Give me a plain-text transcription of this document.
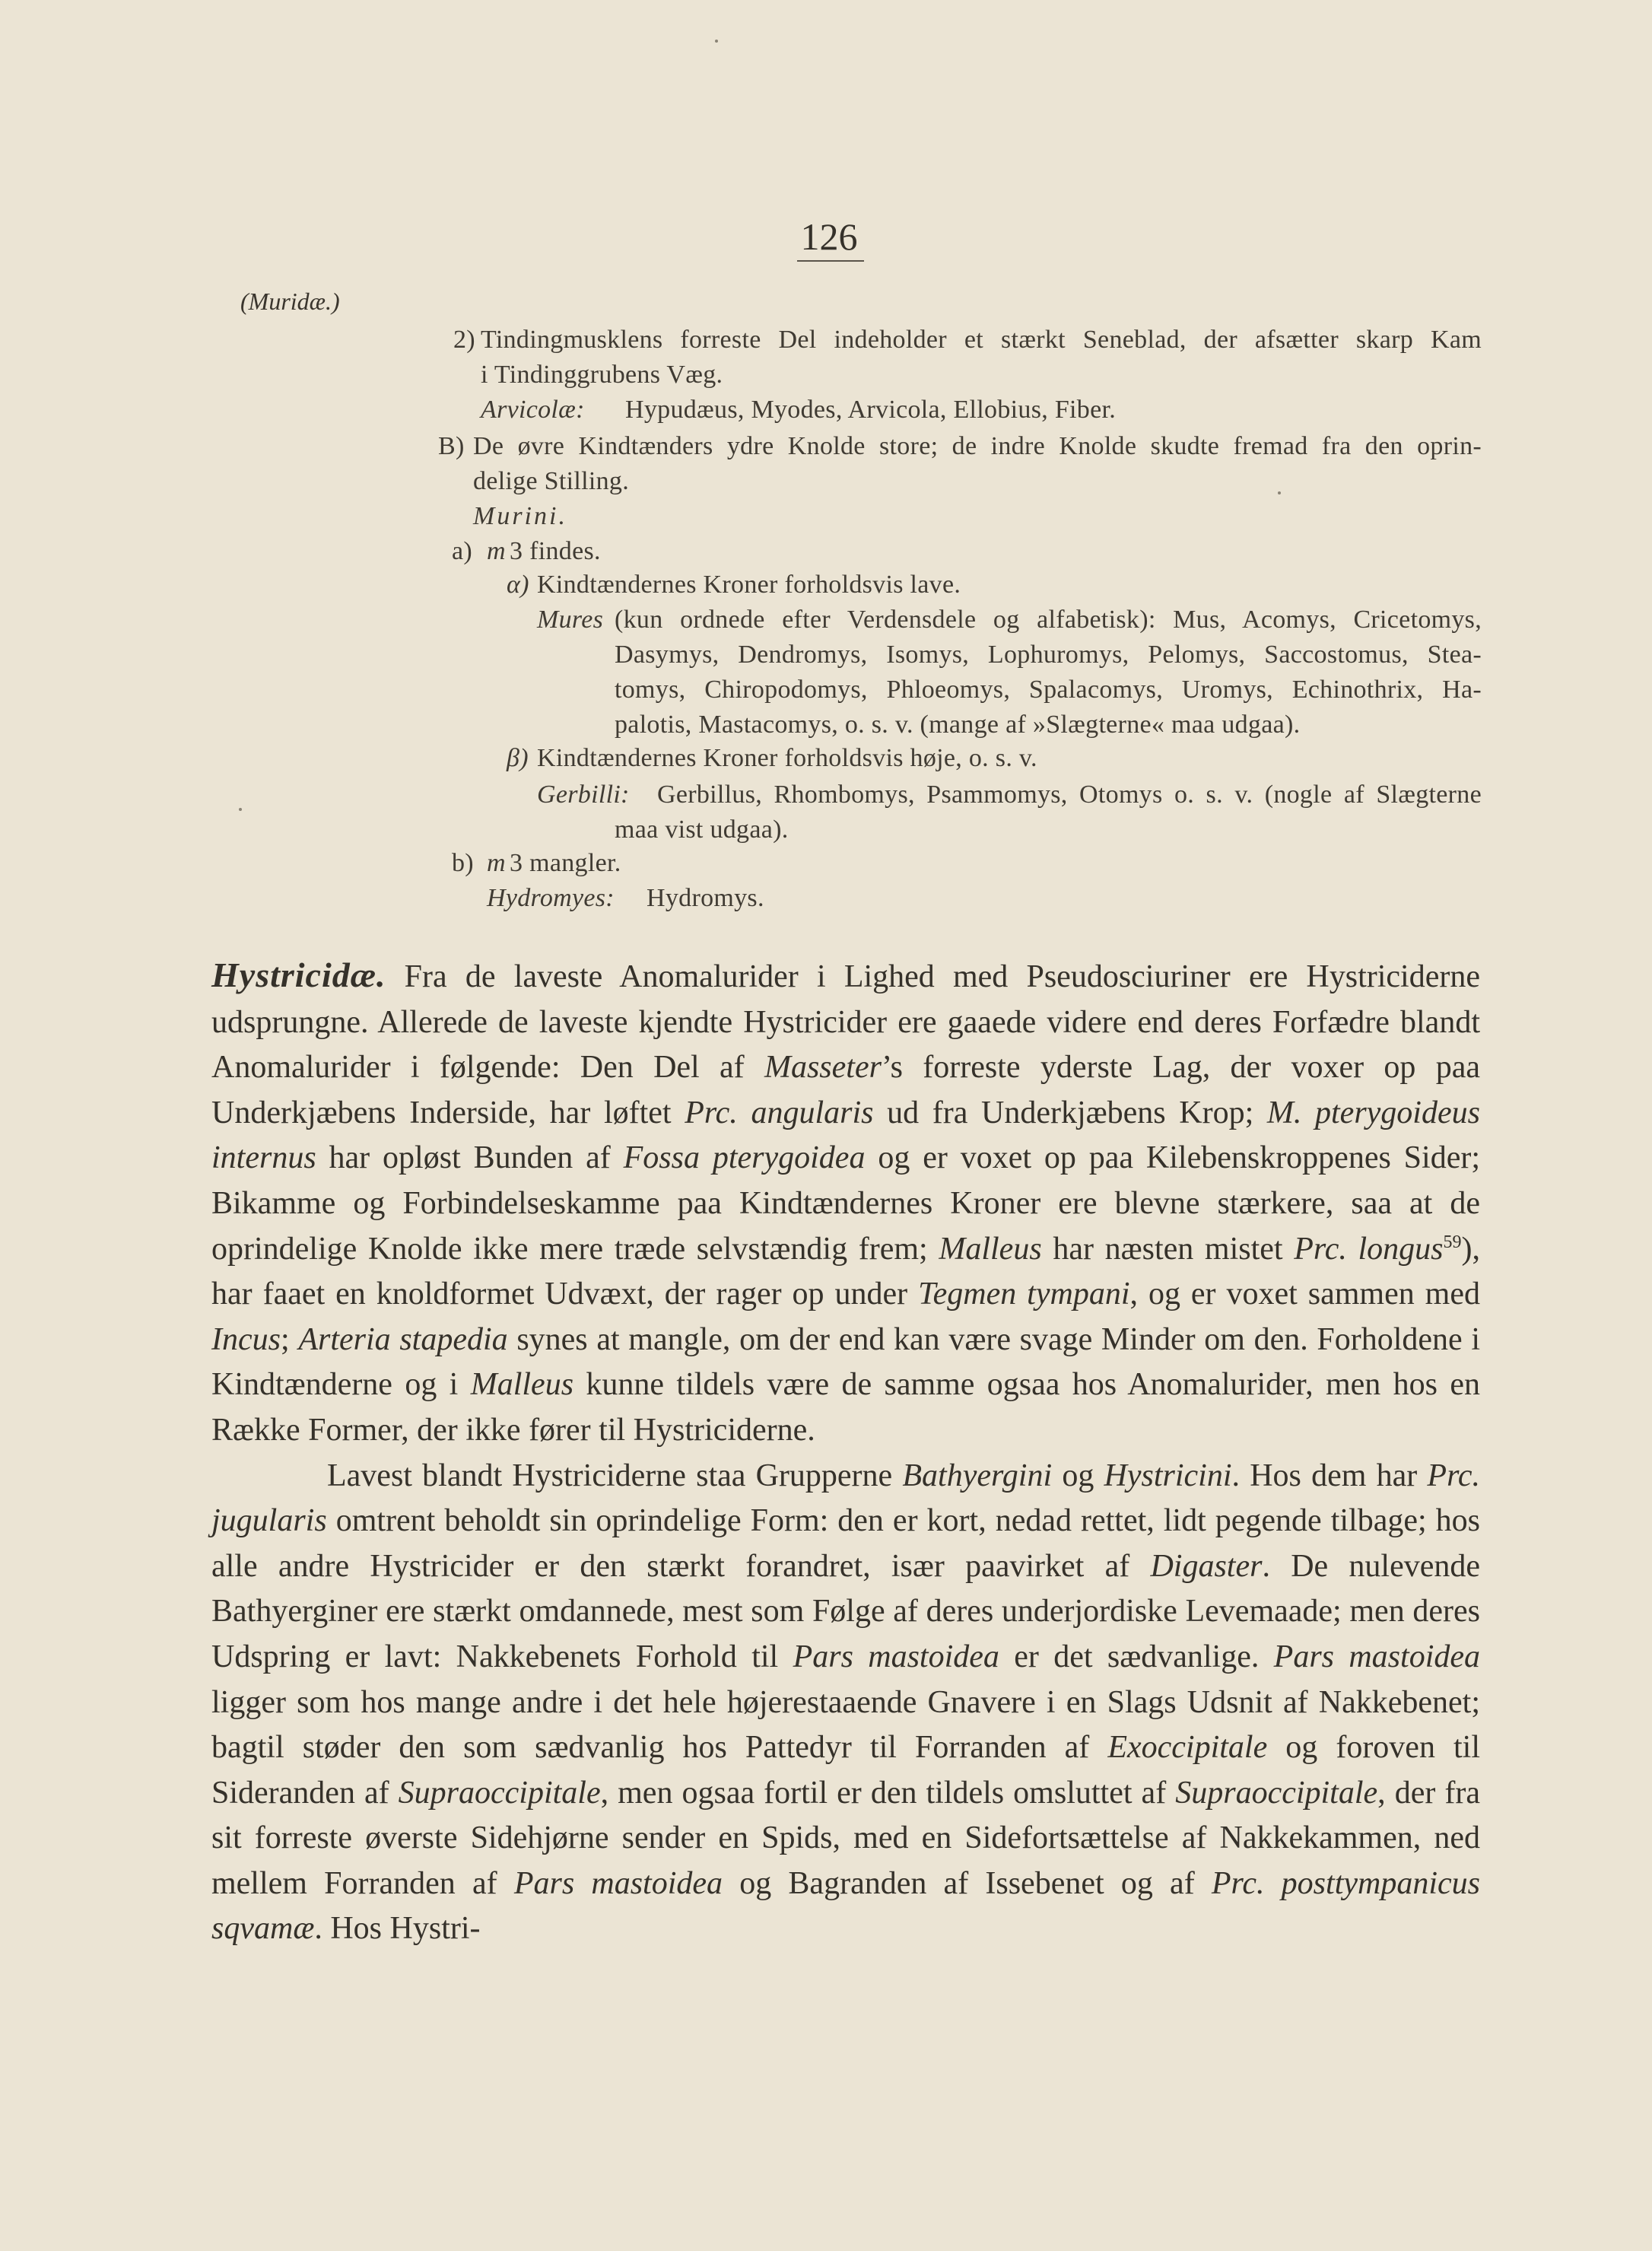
126
(Muridæ.)
2) Tindingmusklens forreste Del indeholder et stærkt Seneblad, der afsætter skarp Kam
i Tindinggrubens Væg.
Arvicolæ: Hypudæus, Myodes, Arvicola, Ellobius, Fiber.
B) De øvre Kindtænders ydre Knolde store; de indre Knolde skudte fremad fra den oprin-
delige Stilling.
Murini.
a) m 3 findes.
α) Kindtændernes Kroner forholdsvis lave.
Mures (kun ordnede efter Verdensdele og alfabetisk): Mus, Acomys, Cricetomys,
Dasymys, Dendromys, Isomys, Lophuromys, Pelomys, Saccostomus, Stea-
tomys, Chiropodomys, Phloeomys, Spalacomys, Uromys, Echinothrix, Ha-
palotis, Mastacomys, o. s. v. (mange af »Slægterne« maa udgaa).
β) Kindtændernes Kroner forholdsvis høje, o. s. v.
Gerbilli: Gerbillus, Rhombomys, Psammomys, Otomys o. s. v. (nogle af Slægterne
maa vist udgaa).
b) m 3 mangler.
Hydromyes: Hydromys.

Hystricidæ. Fra de laveste Anomalurider i Lighed med Pseudosciuriner ere Hystriciderne udsprungne. Allerede de laveste kjendte Hystricider ere gaaede videre end deres Forfædre blandt Anomalurider i følgende: Den Del af Masseter’s forreste yderste Lag, der voxer op paa Underkjæbens Inderside, har løftet Prc. angularis ud fra Underkjæbens Krop; M. pterygoideus internus har opløst Bunden af Fossa pterygoidea og er voxet op paa Kilebenskroppenes Sider; Bikamme og Forbindelseskamme paa Kindtændernes Kroner ere blevne stærkere, saa at de oprindelige Knolde ikke mere træde selvstændig frem; Malleus har næsten mistet Prc. longus$^{59}$), har faaet en knoldformet Udvæxt, der rager op under Tegmen tympani, og er voxet sammen med Incus; Arteria stapedia synes at mangle, om der end kan være svage Minder om den. Forholdene i Kindtænderne og i Malleus kunne tildels være de samme ogsaa hos Anomalurider, men hos en Række Former, der ikke fører til Hystriciderne.

Lavest blandt Hystriciderne staa Grupperne Bathyergini og Hystricini. Hos dem har Prc. jugularis omtrent beholdt sin oprindelige Form: den er kort, nedad rettet, lidt pegende tilbage; hos alle andre Hystricider er den stærkt forandret, især paavirket af Digaster. De nulevende Bathyerginer ere stærkt omdannede, mest som Følge af deres underjordiske Levemaade; men deres Udspring er lavt: Nakkebenets Forhold til Pars mastoidea er det sædvanlige. Pars mastoidea ligger som hos mange andre i det hele højerestaaende Gnavere i en Slags Udsnit af Nakkebenet; bagtil støder den som sædvanlig hos Pattedyr til Forranden af Exoccipitale og foroven til Sideranden af Supraoccipitale, men ogsaa fortil er den tildels omsluttet af Supraoccipitale, der fra sit forreste øverste Sidehjørne sender en Spids, med en Sidefortsættelse af Nakkekammen, ned mellem Forranden af Pars mastoidea og Bagranden af Issebenet og af Prc. posttympanicus sqvamæ. Hos Hystri-
